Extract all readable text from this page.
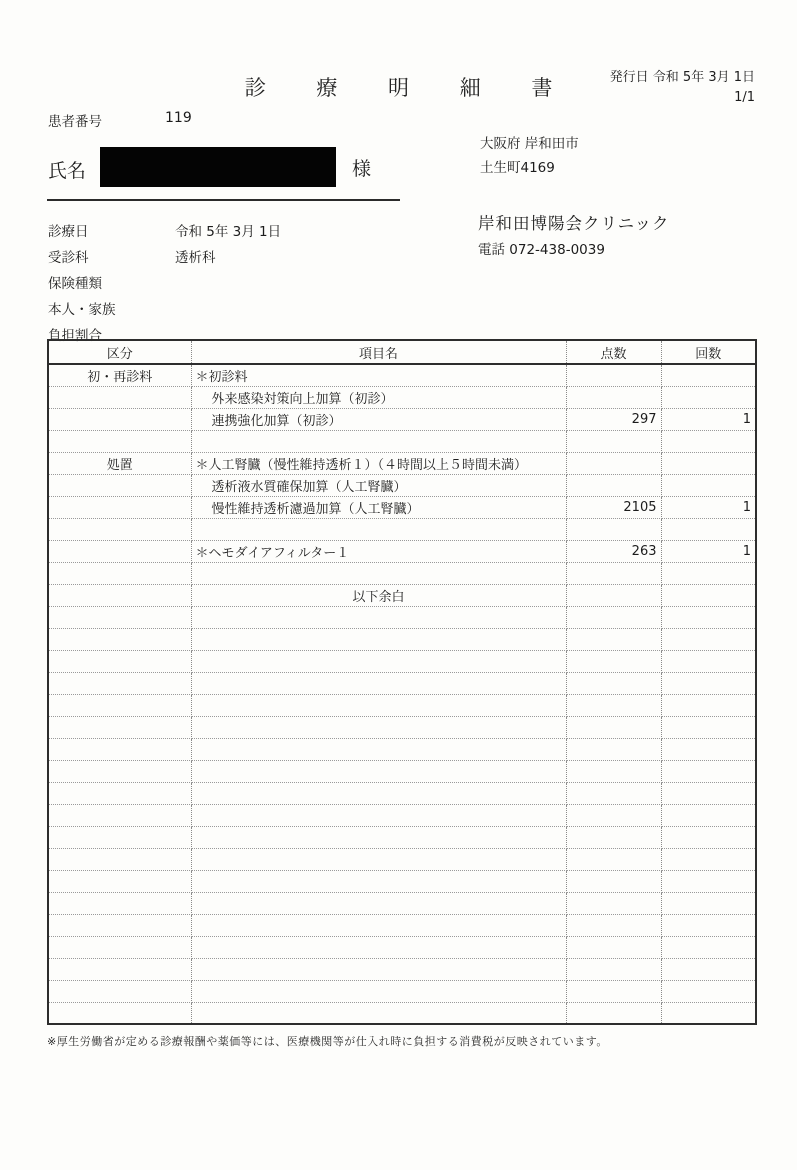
診 療 明 細 書	発行日 令和 5年 3月 1日
1/1
患者番号	119
氏名	様
大阪府 岸和田市
土生町4169
岸和田博陽会クリニック
電話 072-438-0039
診療日	令和 5年 3月 1日
受診科	透析科
保険種類
本人・家族
負担割合
区分	項目名	点数	回数
初・再診料	＊初診料		
	外来感染対策向上加算（初診）		
	連携強化加算（初診）	297	1

処置	＊人工腎臓（慢性維持透析１）（４時間以上５時間未満）		
	透析液水質確保加算（人工腎臓）		
	慢性維持透析濾過加算（人工腎臓）	2105	1

	＊ヘモダイアフィルター１	263	1

	以下余白		

※厚生労働省が定める診療報酬や薬価等には、医療機関等が仕入れ時に負担する消費税が反映されています。
